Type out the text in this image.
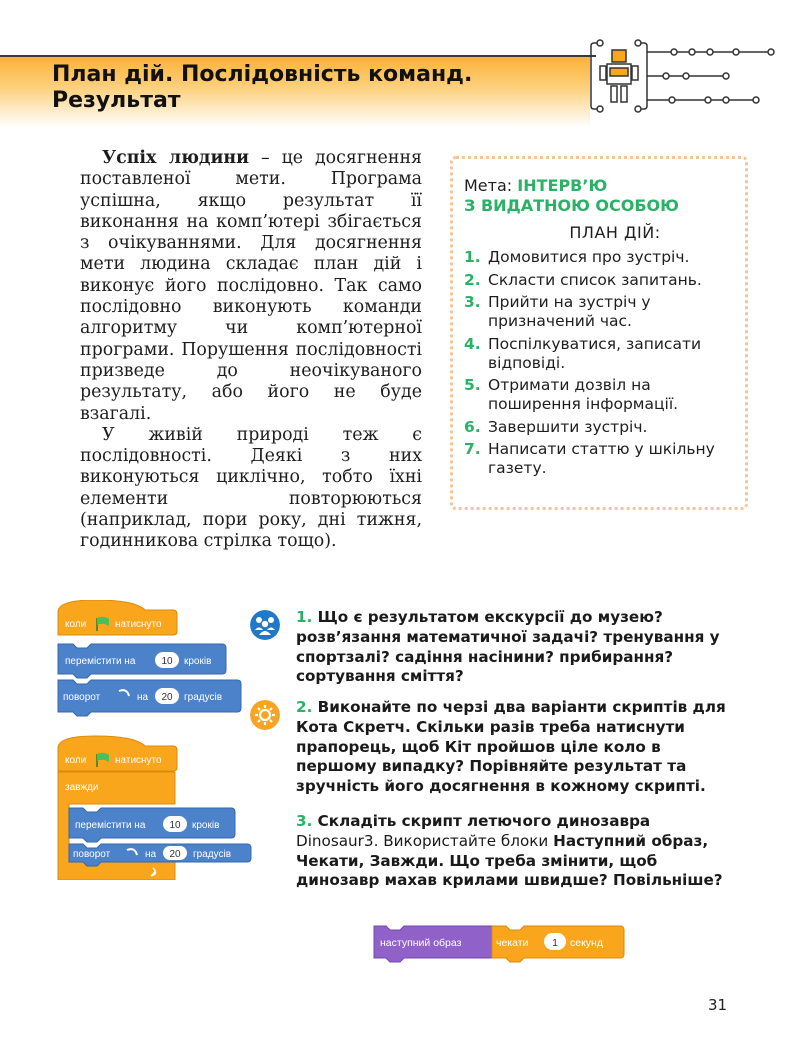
План дій. Послідовність команд.
Результат

Успіх людини – це досягнення поставленої мети. Програма успішна, якщо результат її виконання на комп’ютері збігається з очікуваннями. Для досягнення мети людина складає план дій і виконує його послідовно. Так само послідовно виконують команди алгоритму чи комп’ютерної програми. Порушення послідовності призведе до неочікуваного результату, або його не буде взагалі.

У живій природі теж є послідовності. Деякі з них виконуються циклічно, тобто їхні елементи повторюються (наприклад, пори року, дні тижня, годинникова стрілка тощо).

Мета: ІНТЕРВ’Ю
З ВИДАТНОЮ ОСОБОЮ
ПЛАН ДІЙ:
1. Домовитися про зустріч.
2. Скласти список запитань.
3. Прийти на зустріч у призначений час.
4. Поспілкуватися, записати відповіді.
5. Отримати дозвіл на поширення інформації.
6. Завершити зустріч.
7. Написати статтю у шкільну газету.
коли	натиснуто
перемістити на	10 кроків
поворот	на 20 градусів
коли	натиснуто
завжди
перемістити на 10 кроків
поворот	на 20 градусів
1. Що є результатом екскурсії до музею? розв’язання математичної задачі? тренування у спортзалі? садіння насінини? прибирання? сортування сміття?
2. Виконайте по черзі два варіанти скриптів для Кота Скретч. Скільки разів треба натиснути прапорець, щоб Кіт пройшов ціле коло в першому випадку? Порівняйте результат та зручність його досягнення в кожному скрипті.
3. Складіть скрипт летючого динозавра Dinosaur3. Використайте блоки Наступний образ, Чекати, Завжди. Що треба змінити, щоб динозавр махав крилами швидше? Повільніше?
наступний образ	чекати 1 секунд
31
